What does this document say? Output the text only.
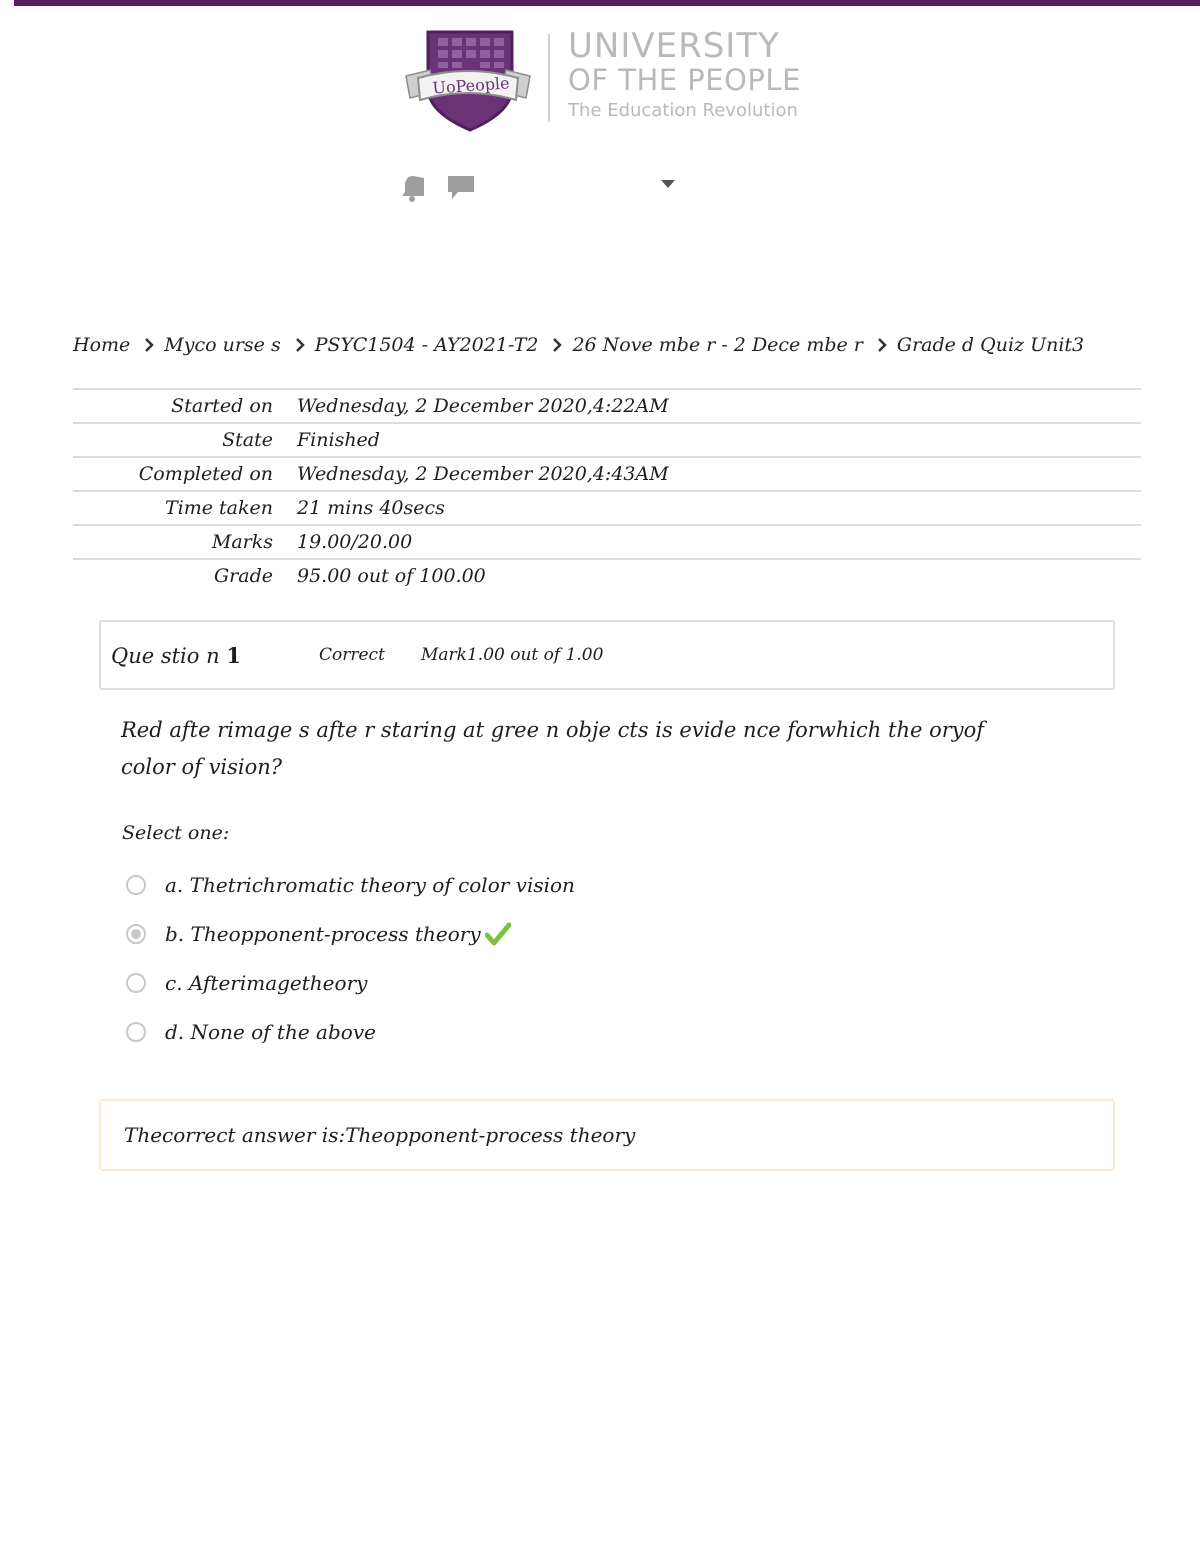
UoPeople
UNIVERSITY
OF THE PEOPLE
The Education Revolution
Home Myco urse s PSYC1504 - AY2021-T2 26 Nove mbe r - 2 Dece mbe r Grade d Quiz Unit3
Started on	Wednesday, 2 December 2020,4:22AM
State	Finished
Completed on	Wednesday, 2 December 2020,4:43AM
Time taken	21 mins 40secs
Marks	19.00/20.00
Grade	95.00 out of 100.00
Que stio n 1	Correct	Mark1.00 out of 1.00
Red afte rimage s afte r staring at gree n obje cts is evide nce forwhich the oryof color of vision?
Select one:
a. Thetrichromatic theory of color vision
b. Theopponent-process theory
c. Afterimagetheory
d. None of the above
Thecorrect answer is:Theopponent-process theory
